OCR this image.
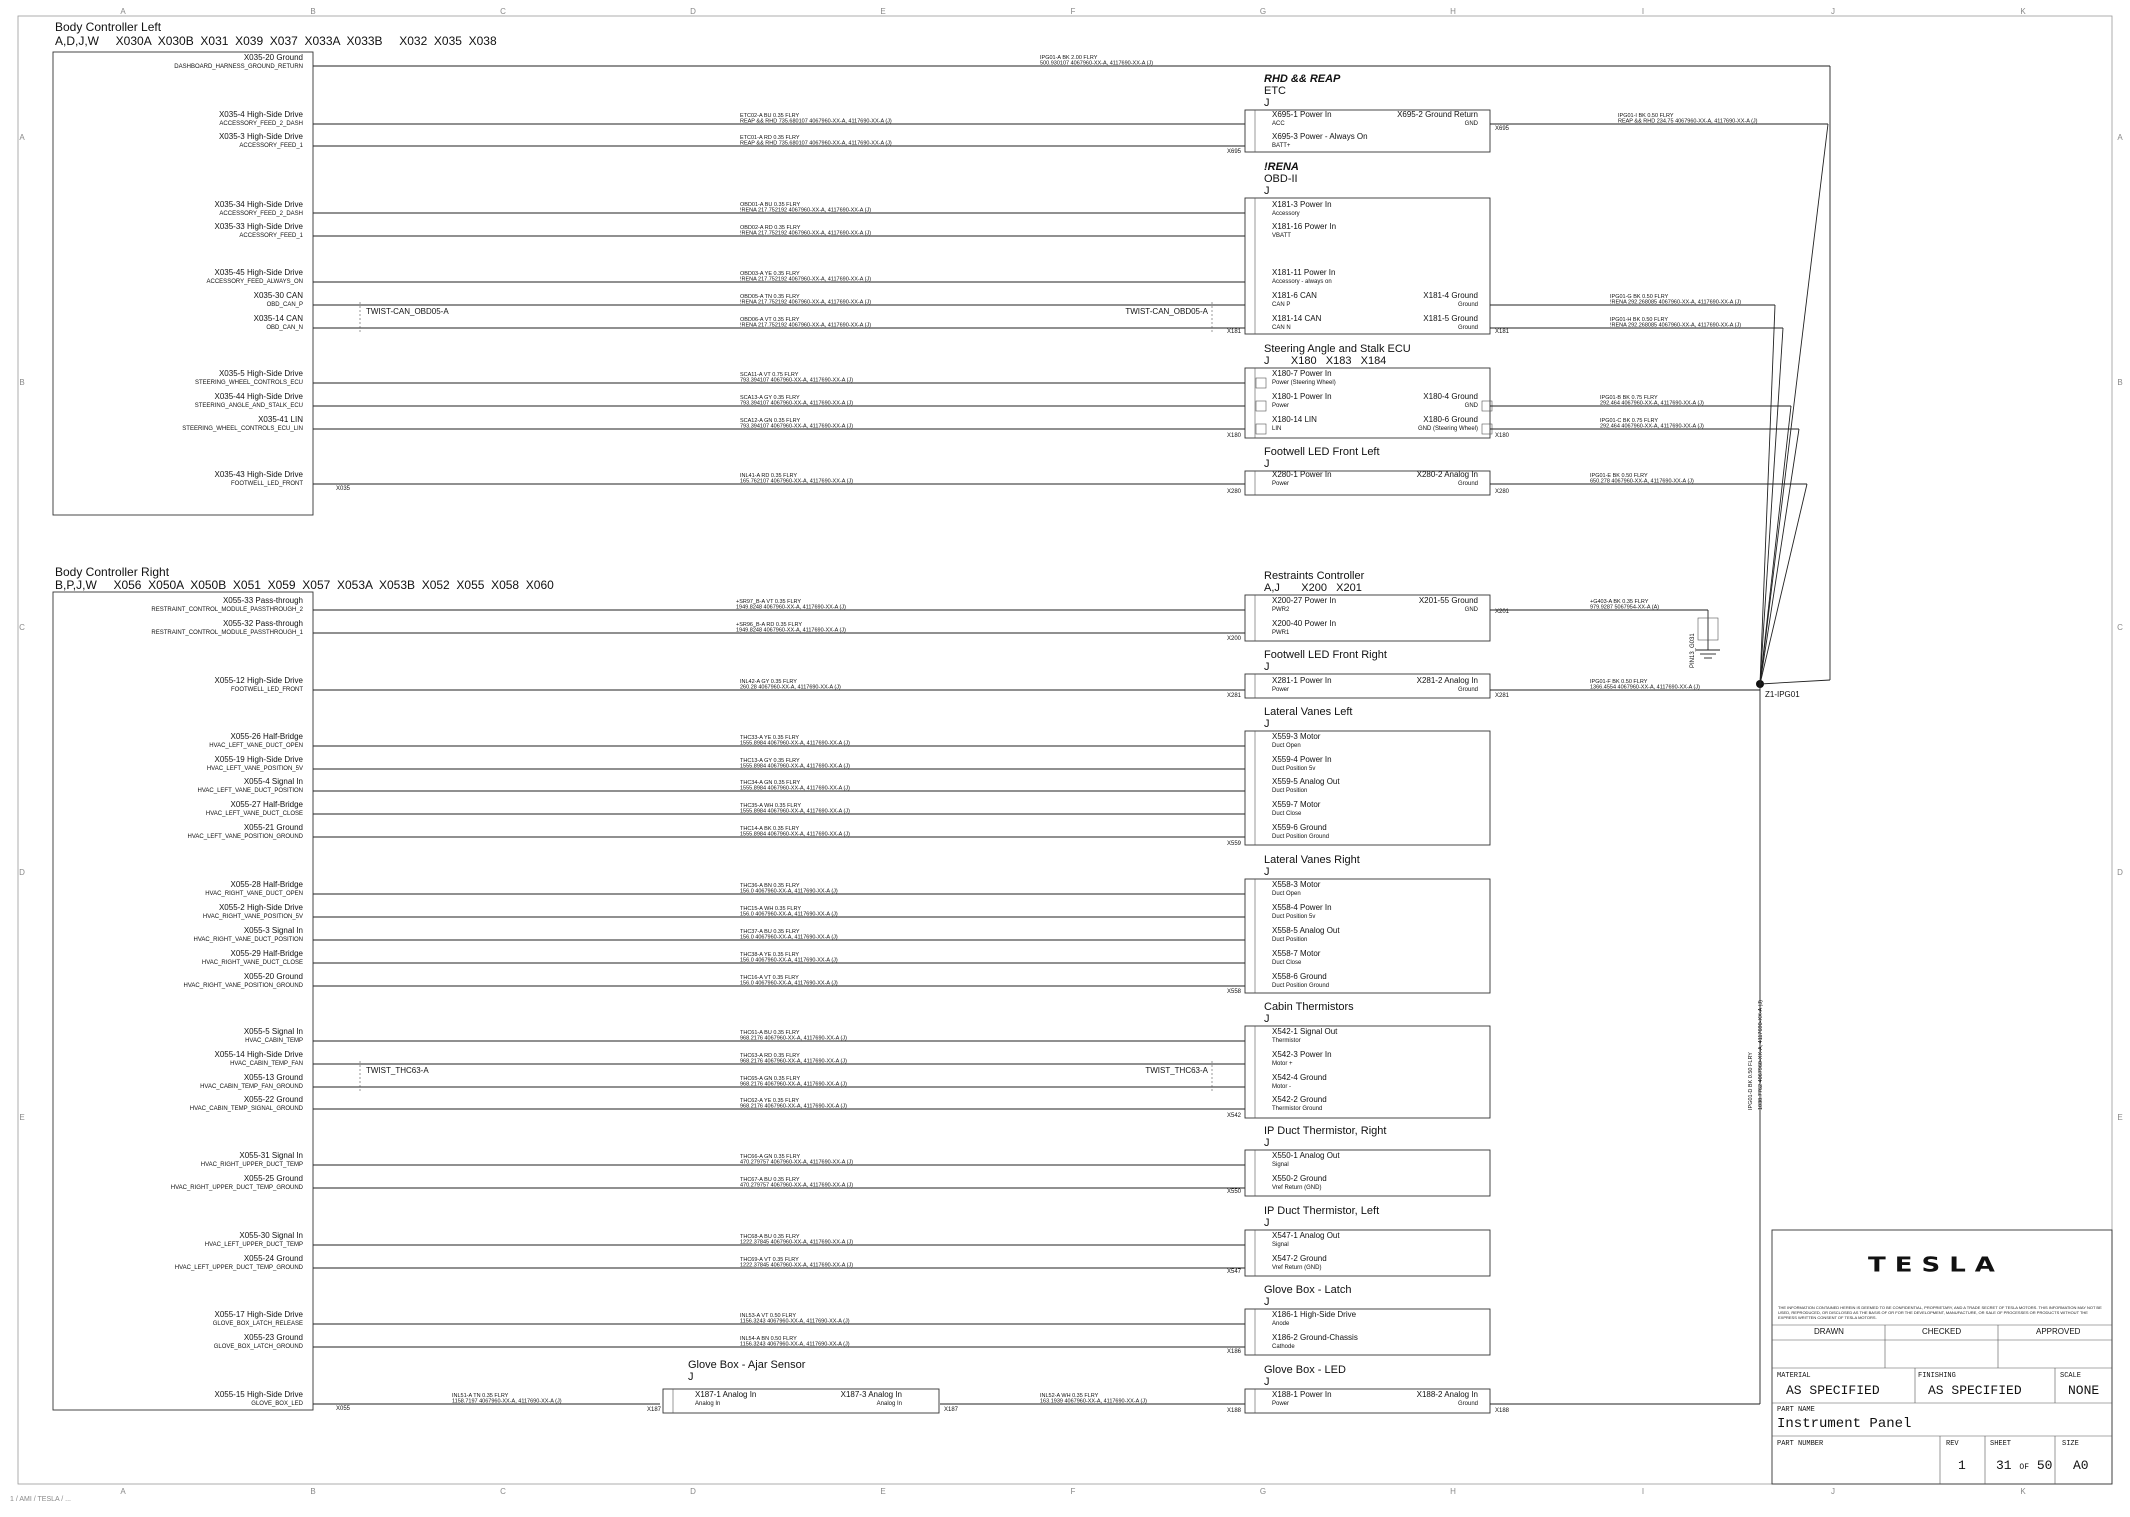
A
A
B
B
C
C
D
D
E
E
F
F
G
G
H
H
I
I
J
J
K
K
A	A
B	B
C	C
D	D
E	E
Body Controller Left
A,D,J,W     X030A  X030B  X031  X039  X037  X033A  X033B     X032  X035  X038
Body Controller Right
B,P,J,W     X056  X050A  X050B  X051  X059  X057  X053A  X053B  X052  X055  X058  X060
X035-20 Ground
DASHBOARD_HARNESS_GROUND_RETURN
X035-4 High-Side Drive
ACCESSORY_FEED_2_DASH
X035-3 High-Side Drive
ACCESSORY_FEED_1
X035-34 High-Side Drive
ACCESSORY_FEED_2_DASH
X035-33 High-Side Drive
ACCESSORY_FEED_1
X035-45 High-Side Drive
ACCESSORY_FEED_ALWAYS_ON
X035-30 CAN
OBD_CAN_P
X035-14 CAN
OBD_CAN_N
X035-5 High-Side Drive
STEERING_WHEEL_CONTROLS_ECU
X035-44 High-Side Drive
STEERING_ANGLE_AND_STALK_ECU
X035-41 LIN
STEERING_WHEEL_CONTROLS_ECU_LIN
X035-43 High-Side Drive
FOOTWELL_LED_FRONT
X055-33 Pass-through
RESTRAINT_CONTROL_MODULE_PASSTHROUGH_2
X055-32 Pass-through
RESTRAINT_CONTROL_MODULE_PASSTHROUGH_1
X055-12 High-Side Drive
FOOTWELL_LED_FRONT
X055-26 Half-Bridge
HVAC_LEFT_VANE_DUCT_OPEN
X055-19 High-Side Drive
HVAC_LEFT_VANE_POSITION_5V
X055-4 Signal In
HVAC_LEFT_VANE_DUCT_POSITION
X055-27 Half-Bridge
HVAC_LEFT_VANE_DUCT_CLOSE
X055-21 Ground
HVAC_LEFT_VANE_POSITION_GROUND
X055-28 Half-Bridge
HVAC_RIGHT_VANE_DUCT_OPEN
X055-2 High-Side Drive
HVAC_RIGHT_VANE_POSITION_5V
X055-3 Signal In
HVAC_RIGHT_VANE_DUCT_POSITION
X055-29 Half-Bridge
HVAC_RIGHT_VANE_DUCT_CLOSE
X055-20 Ground
HVAC_RIGHT_VANE_POSITION_GROUND
X055-5 Signal In
HVAC_CABIN_TEMP
X055-14 High-Side Drive
HVAC_CABIN_TEMP_FAN
X055-13 Ground
HVAC_CABIN_TEMP_FAN_GROUND
X055-22 Ground
HVAC_CABIN_TEMP_SIGNAL_GROUND
X055-31 Signal In
HVAC_RIGHT_UPPER_DUCT_TEMP
X055-25 Ground
HVAC_RIGHT_UPPER_DUCT_TEMP_GROUND
X055-30 Signal In
HVAC_LEFT_UPPER_DUCT_TEMP
X055-24 Ground
HVAC_LEFT_UPPER_DUCT_TEMP_GROUND
X055-17 High-Side Drive
GLOVE_BOX_LATCH_RELEASE
X055-23 Ground
GLOVE_BOX_LATCH_GROUND
X055-15 High-Side Drive
GLOVE_BOX_LED
IPG01-A BK 2.00 FLRY
500.930107 4067960-XX-A, 4117690-XX-A (J)
ETC02-A BU 0.35 FLRY
REAP && RHD 735.680107 4067960-XX-A, 4117690-XX-A (J)
ETC01-A RD 0.35 FLRY
REAP && RHD 735.680107 4067960-XX-A, 4117690-XX-A (J)
OBD01-A BU 0.35 FLRY
!RENA 217.752192 4067960-XX-A, 4117690-XX-A (J)
OBD02-A RD 0.35 FLRY
!RENA 217.752192 4067960-XX-A, 4117690-XX-A (J)
OBD03-A YE 0.35 FLRY
!RENA 217.752192 4067960-XX-A, 4117690-XX-A (J)
OBD05-A TN 0.35 FLRY
!RENA 217.752192 4067960-XX-A, 4117690-XX-A (J)
OBD06-A VT 0.35 FLRY
!RENA 217.752192 4067960-XX-A, 4117690-XX-A (J)
SCA11-A VT 0.75 FLRY
793.394107 4067960-XX-A, 4117690-XX-A (J)
SCA13-A GY 0.35 FLRY
793.394107 4067960-XX-A, 4117690-XX-A (J)
SCA12-A GN 0.35 FLRY
793.394107 4067960-XX-A, 4117690-XX-A (J)
INL41-A RD 0.35 FLRY
165.762107 4067960-XX-A, 4117690-XX-A (J)
+SR97_B-A VT 0.35 FLRY
1949.8248 4067960-XX-A, 4117690-XX-A (J)
+SR96_B-A RD 0.35 FLRY
1949.8248 4067960-XX-A, 4117690-XX-A (J)
INL42-A GY 0.35 FLRY
260.28 4067960-XX-A, 4117690-XX-A (J)
THC33-A YE 0.35 FLRY
1555.8984 4067960-XX-A, 4117690-XX-A (J)
THC13-A GY 0.35 FLRY
1555.8984 4067960-XX-A, 4117690-XX-A (J)
THC34-A GN 0.35 FLRY
1555.8984 4067960-XX-A, 4117690-XX-A (J)
THC35-A WH 0.35 FLRY
1555.8984 4067960-XX-A, 4117690-XX-A (J)
THC14-A BK 0.35 FLRY
1555.8984 4067960-XX-A, 4117690-XX-A (J)
THC36-A BN 0.35 FLRY
156.0 4067960-XX-A, 4117690-XX-A (J)
THC15-A WH 0.35 FLRY
156.0 4067960-XX-A, 4117690-XX-A (J)
THC37-A BU 0.35 FLRY
156.0 4067960-XX-A, 4117690-XX-A (J)
THC38-A YE 0.35 FLRY
156.0 4067960-XX-A, 4117690-XX-A (J)
THC16-A VT 0.35 FLRY
156.0 4067960-XX-A, 4117690-XX-A (J)
THC61-A BU 0.35 FLRY
968.2176 4067960-XX-A, 4117690-XX-A (J)
THC63-A RD 0.35 FLRY
968.2176 4067960-XX-A, 4117690-XX-A (J)
THC65-A GN 0.35 FLRY
968.2176 4067960-XX-A, 4117690-XX-A (J)
THC62-A YE 0.35 FLRY
968.2176 4067960-XX-A, 4117690-XX-A (J)
THC66-A GN 0.35 FLRY
470.279757 4067960-XX-A, 4117690-XX-A (J)
THC67-A BU 0.35 FLRY
470.279757 4067960-XX-A, 4117690-XX-A (J)
THC68-A BU 0.35 FLRY
1222.37845 4067960-XX-A, 4117690-XX-A (J)
THC69-A VT 0.35 FLRY
1222.37845 4067960-XX-A, 4117690-XX-A (J)
INL53-A VT 0.50 FLRY
1156.3243 4067960-XX-A, 4117690-XX-A (J)
INL54-A BN 0.50 FLRY
1156.3243 4067960-XX-A, 4117690-XX-A (J)
INL51-A TN 0.35 FLRY
1158.7197 4067960-XX-A, 4117690-XX-A (J)
INL52-A WH 0.35 FLRY
163.1939 4067960-XX-A, 4117690-XX-A (J)
X035
X055
TWIST-CAN_OBD05-A	TWIST-CAN_OBD05-A
TWIST_THC63-A	TWIST_THC63-A
RHD && REAP
ETC
J
X695-1 Power In
ACC
X695-3 Power - Always On
BATT+
X695-2 Ground Return
GND
X695
X695
!RENA
OBD-II
J
X181-3 Power In
Accessory
X181-16 Power In
VBATT
X181-11 Power In
Accessory - always on
X181-6 CAN
CAN P
X181-14 CAN
CAN N
X181-4 Ground
Ground
X181-5 Ground
Ground
X181	X181
Steering Angle and Stalk ECU
J       X180   X183   X184
X180-7 Power In
Power (Steering Wheel)
X180-1 Power In
Power
X180-14 LIN
LIN
X180-4 Ground
GND
X180-6 Ground
GND (Steering Wheel)
X180	X180
Footwell LED Front Left
J
X280-1 Power In
Power
X280-2 Analog In
Ground
X280	X280
Restraints Controller
A,J       X200   X201
X200-27 Power In
PWR2
X200-40 Power In
PWR1
X201-55 Ground
GND
X200
X201
Footwell LED Front Right
J
X281-1 Power In
Power
X281-2 Analog In
Ground
X281	X281
Lateral Vanes Left
J
X559-3 Motor
Duct Open
X559-4 Power In
Duct Position 5v
X559-5 Analog Out
Duct Position
X559-7 Motor
Duct Close
X559-6 Ground
Duct Position Ground
X559
Lateral Vanes Right
J
X558-3 Motor
Duct Open
X558-4 Power In
Duct Position 5v
X558-5 Analog Out
Duct Position
X558-7 Motor
Duct Close
X558-6 Ground
Duct Position Ground
X558
Cabin Thermistors
J
X542-1 Signal Out
Thermistor
X542-3 Power In
Motor +
X542-4 Ground
Motor -
X542-2 Ground
Thermistor Ground
X542
IP Duct Thermistor, Right
J
X550-1 Analog Out
Signal
X550-2 Ground
Vref Return (GND)
X550
IP Duct Thermistor, Left
J
X547-1 Analog Out
Signal
X547-2 Ground
Vref Return (GND)
X547
Glove Box - Latch
J
X186-1 High-Side Drive
Anode
X186-2 Ground-Chassis
Cathode
X186
Glove Box - LED
J
X188-1 Power In
Power
X188-2 Analog In
Ground
X188	X188
Glove Box - Ajar Sensor
J
X187-1 Analog In
Analog In
X187-3 Analog In
Analog In
X187	X187
Z1-IPG01
IPG01-I BK 0.50 FLRY
REAP && RHD 234.75 4067960-XX-A, 4117690-XX-A (J)
IPG01-G BK 0.50 FLRY
!RENA 292.268085 4067960-XX-A, 4117690-XX-A (J)
IPG01-H BK 0.50 FLRY
!RENA 292.268085 4067960-XX-A, 4117690-XX-A (J)
IPG01-B BK 0.75 FLRY
292.464 4067960-XX-A, 4117690-XX-A (J)
IPG01-C BK 0.75 FLRY
292.464 4067960-XX-A, 4117690-XX-A (J)
IPG01-E BK 0.50 FLRY
650.278 4067960-XX-A, 4117690-XX-A (J)
IPG01-F BK 0.50 FLRY
1366.4554 4067960-XX-A, 4117690-XX-A (J)
+G403-A BK 0.35 FLRY
979.9287 5067954-XX-A (A)
PIN13_G031
IPG01-D BK 0.50 FLRY 1038.7762 4067960-XX-A, 4117690-XX-A (J)
TESLA
THE INFORMATION CONTAINED HEREIN IS DEEMED TO BE CONFIDENTIAL, PROPRIETARY, AND A TRADE SECRET OF TESLA MOTORS. THIS INFORMATION MAY NOT BE USED, REPRODUCED, OR DISCLOSED AS THE BASIS OF OR FOR THE DEVELOPMENT, MANUFACTURE, OR SALE OF PROCESSES OR PRODUCTS WITHOUT THE EXPRESS WRITTEN CONSENT OF TESLA MOTORS.
DRAWN	CHECKED	APPROVED
MATERIAL
AS SPECIFIED
FINISHING
AS SPECIFIED
SCALE
NONE
PART NAME
Instrument Panel
PART NUMBER	REV
1
SHEET
31 OF 50
SIZE
A0
1 / AMI / TESLA / ...
